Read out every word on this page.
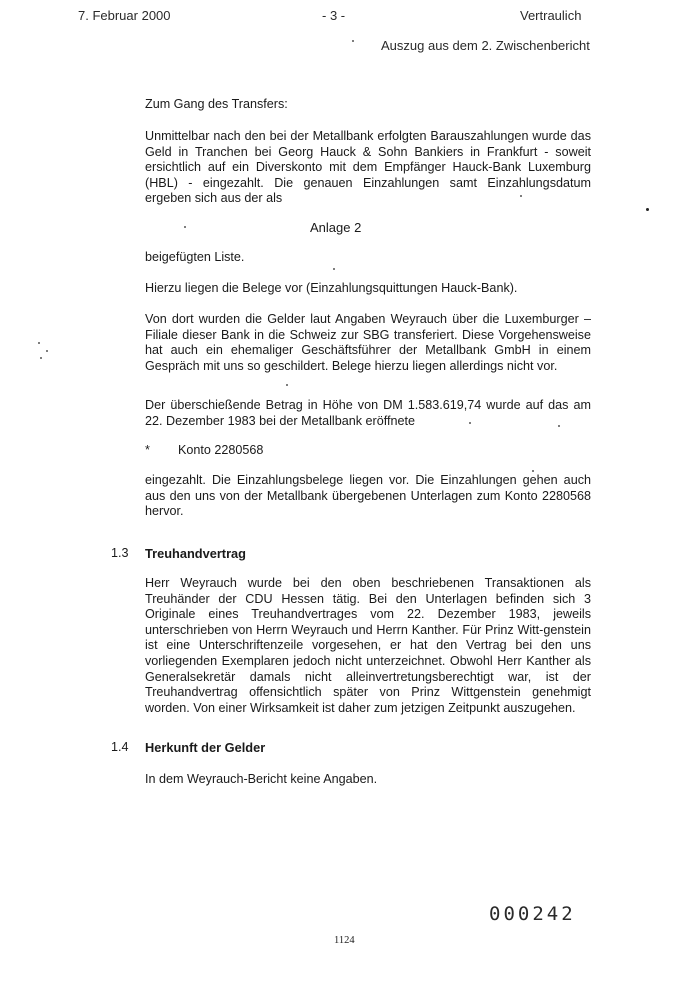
7. Februar 2000	- 3 -	Vertraulich
Auszug aus dem 2. Zwischenbericht
Zum Gang des Transfers:

Unmittelbar nach den bei der Metallbank erfolgten Barauszahlungen wurde das Geld in Tranchen bei Georg Hauck & Sohn Bankiers in Frankfurt - soweit ersichtlich auf ein Diverskonto mit dem Empfänger Hauck-Bank Luxemburg (HBL) - eingezahlt. Die genauen Einzahlungen samt Einzahlungsdatum ergeben sich aus der als

Anlage 2
beigefügten Liste.
Hierzu liegen die Belege vor (Einzahlungsquittungen Hauck-Bank).

Von dort wurden die Gelder laut Angaben Weyrauch über die Luxemburger – Filiale dieser Bank in die Schweiz zur SBG transferiert. Diese Vorgehensweise hat auch ein ehemaliger Geschäftsführer der Metallbank GmbH in einem Gespräch mit uns so geschildert. Belege hierzu liegen allerdings nicht vor.

Der überschießende Betrag in Höhe von DM 1.583.619,74 wurde auf das am 22. Dezember 1983 bei der Metallbank eröffnete

* Konto 2280568

eingezahlt. Die Einzahlungsbelege liegen vor. Die Einzahlungen gehen auch aus den uns von der Metallbank übergebenen Unterlagen zum Konto 2280568 hervor.

1.3 Treuhandvertrag

Herr Weyrauch wurde bei den oben beschriebenen Transaktionen als Treuhänder der CDU Hessen tätig. Bei den Unterlagen befinden sich 3 Originale eines Treuhandvertrages vom 22. Dezember 1983, jeweils unterschrieben von Herrn Weyrauch und Herrn Kanther. Für Prinz Witt-gensteіn ist eine Unterschriftenzeile vorgesehen, er hat den Vertrag bei den uns vorliegenden Exemplaren jedoch nicht unterzeichnet. Obwohl Herr Kanther als Generalsekretär damals nicht alleinvertretungsberechtigt war, ist der Treuhandvertrag offensichtlich später von Prinz Wittgenstein genehmigt worden. Von einer Wirksamkeit ist daher zum jetzigen Zeitpunkt auszugehen.

1.4 Herkunft der Gelder
In dem Weyrauch-Bericht keine Angaben.
000242
1124
